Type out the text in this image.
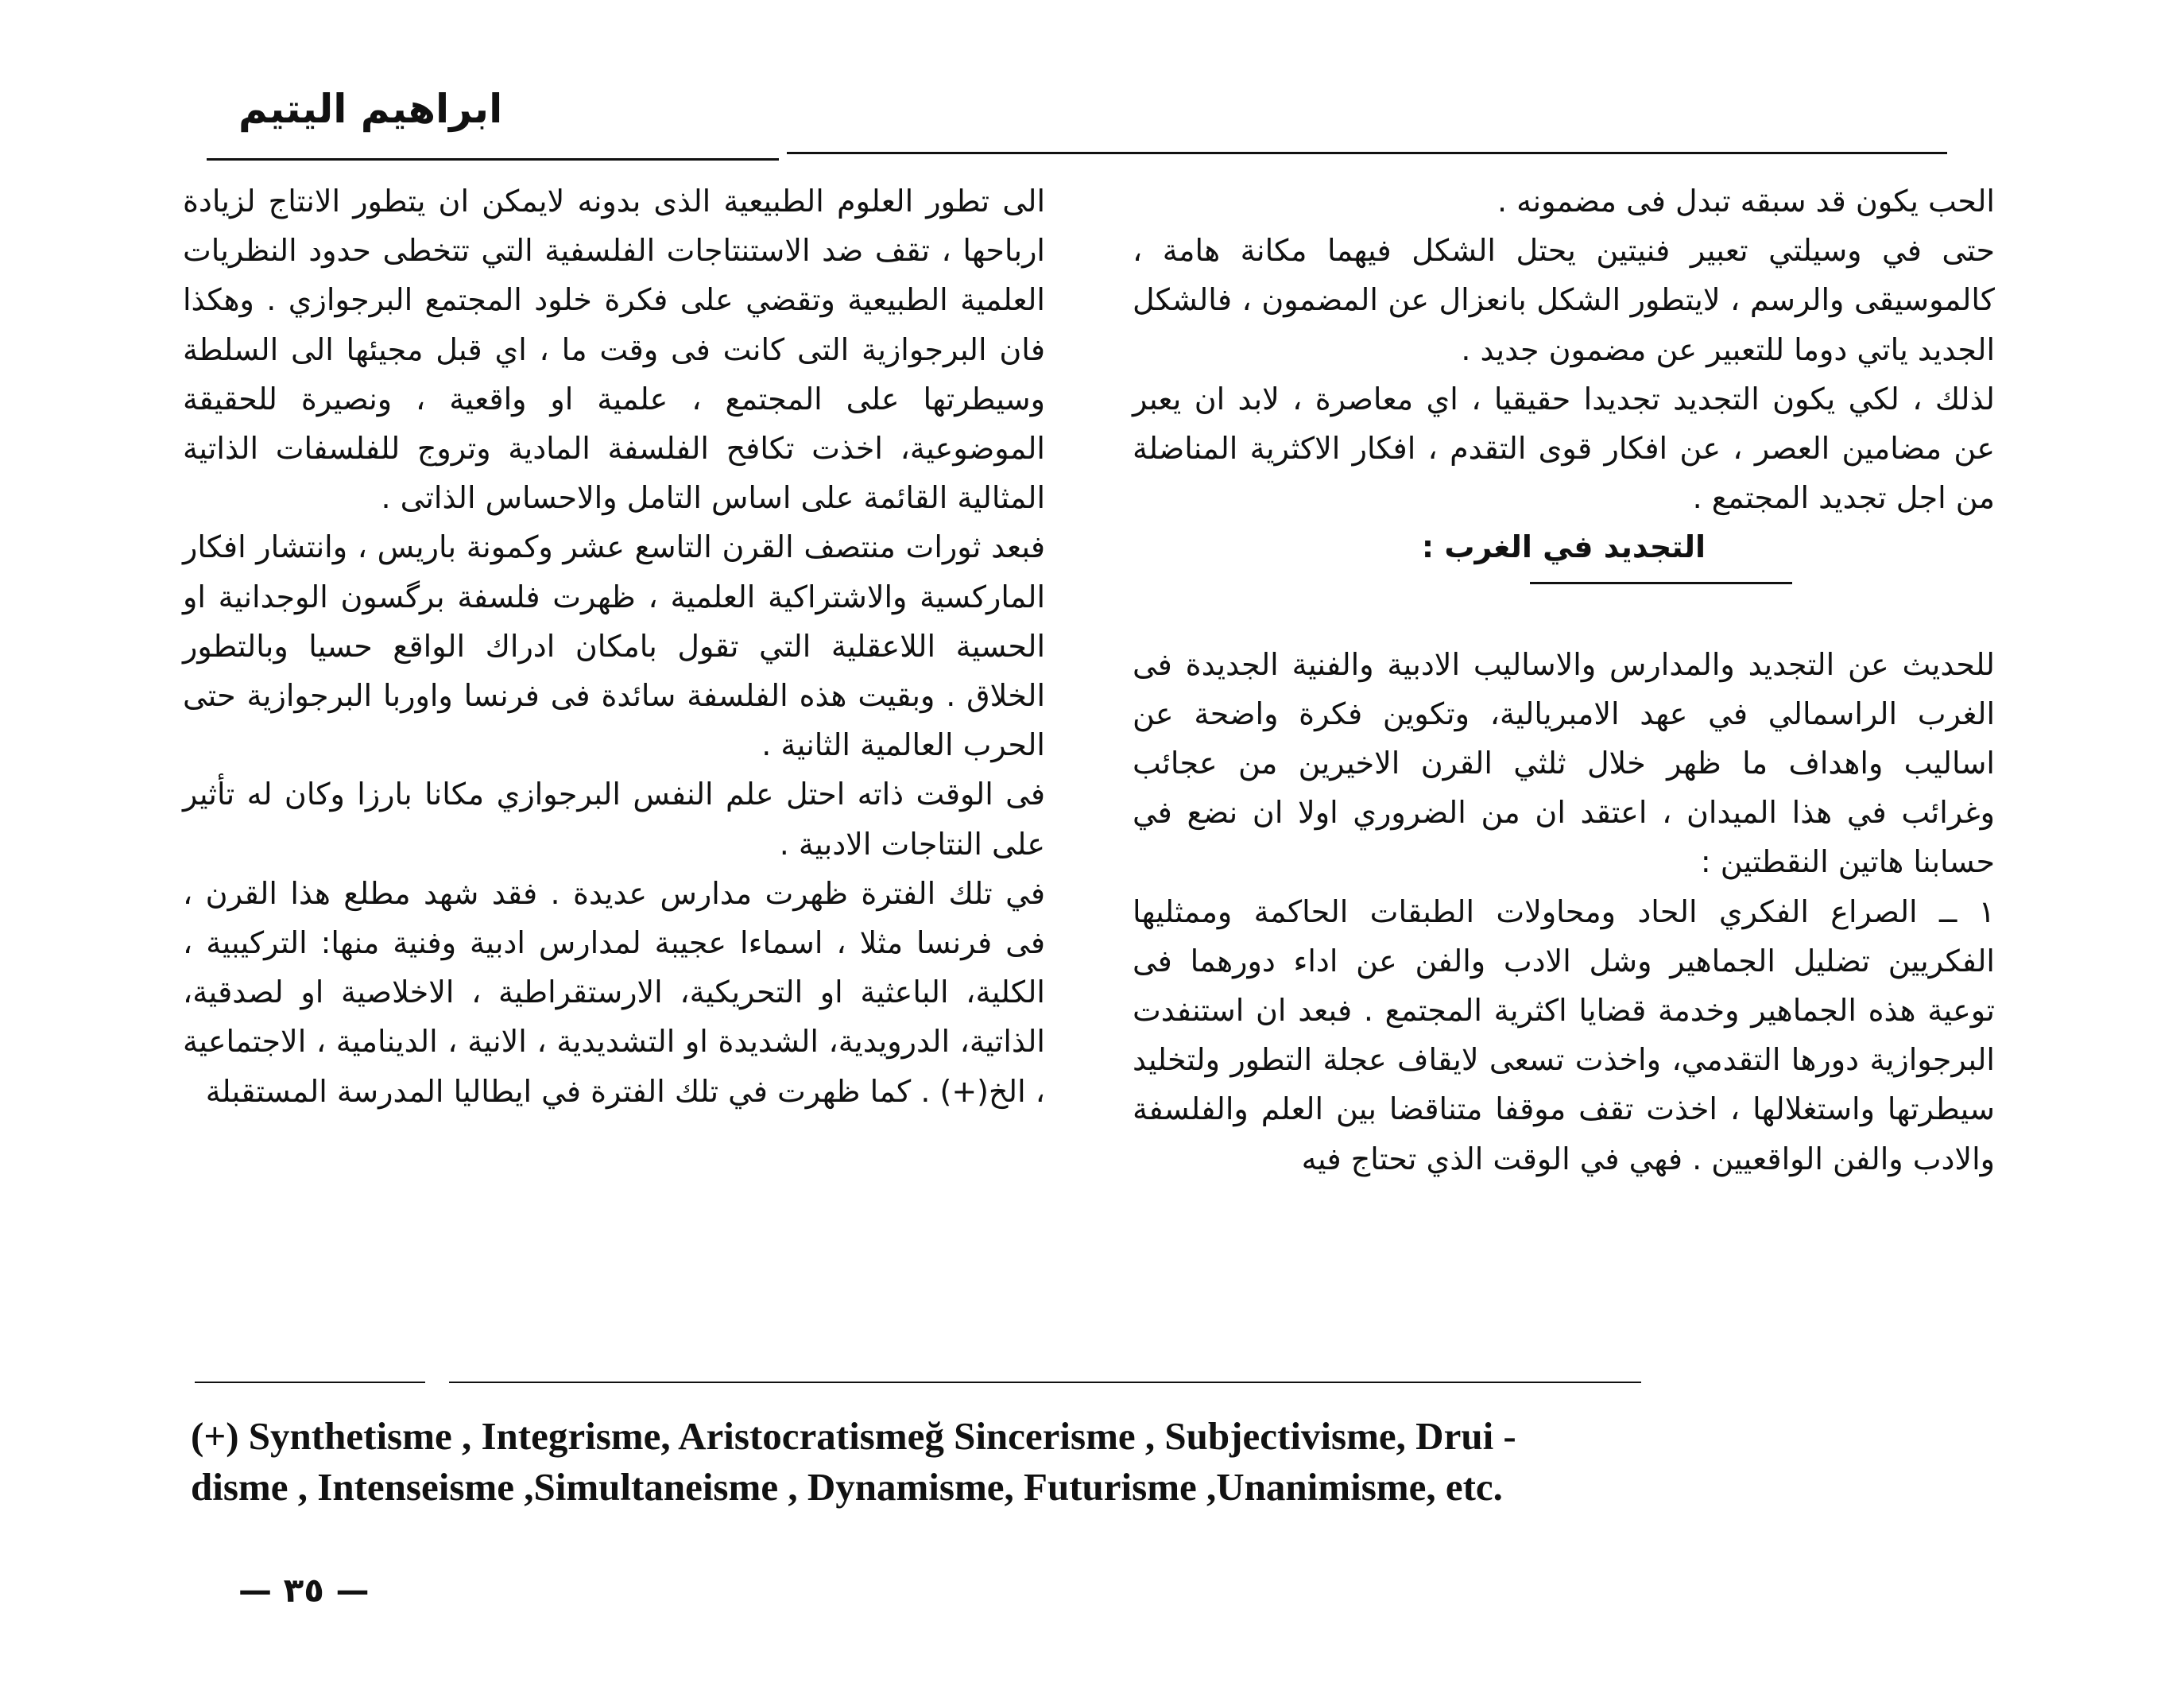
ابراهيم اليتيم

الحب يكون قد سبقه تبدل فى مضمونه .

حتى في وسيلتي تعبير فنيتين يحتل الشكل فيهما مكانة هامة ، كالموسيقى والرسم ، لايتطور الشكل بانعزال عن المضمون ، فالشكل الجديد ياتي دوما للتعبير عن مضمون جديد .

لذلك ، لكي يكون التجديد تجديدا حقيقيا ، اي معاصرة ، لابد ان يعبر عن مضامين العصر ، عن افكار قوى التقدم ، افكار الاكثرية المناضلة من اجل تجديد المجتمع .

التجديد في الغرب :

للحديث عن التجديد والمدارس والاساليب الادبية والفنية الجديدة فى الغرب الراسمالي في عهد الامبريالية، وتكوين فكرة واضحة عن اساليب واهداف ما ظهر خلال ثلثي القرن الاخيرين من عجائب وغرائب في هذا الميدان ، اعتقد ان من الضروري اولا ان نضع في حسابنا هاتين النقطتين :

١ ــ الصراع الفكري الحاد ومحاولات الطبقات الحاكمة وممثليها الفكريين تضليل الجماهير وشل الادب والفن عن اداء دورهما فى توعية هذه الجماهير وخدمة قضايا اكثرية المجتمع . فبعد ان استنفدت البرجوازية دورها التقدمي، واخذت تسعى لايقاف عجلة التطور ولتخليد سيطرتها واستغلالها ، اخذت تقف موقفا متناقضا بين العلم والفلسفة والادب والفن الواقعيين . فهي في الوقت الذي تحتاج فيه

الى تطور العلوم الطبيعية الذى بدونه لايمكن ان يتطور الانتاج لزيادة ارباحها ، تقف ضد الاستنتاجات الفلسفية التي تتخطى حدود النظريات العلمية الطبيعية وتقضي على فكرة خلود المجتمع البرجوازي . وهكذا فان البرجوازية التى كانت فى وقت ما ، اي قبل مجيئها الى السلطة وسيطرتها على المجتمع ، علمية او واقعية ، ونصيرة للحقيقة الموضوعية، اخذت تكافح الفلسفة المادية وتروج للفلسفات الذاتية المثالية القائمة على اساس التامل والاحساس الذاتى .

فبعد ثورات منتصف القرن التاسع عشر وكمونة باريس ، وانتشار افكار الماركسية والاشتراكية العلمية ، ظهرت فلسفة برگسون الوجدانية او الحسية اللاعقلية التي تقول بامكان ادراك الواقع حسيا وبالتطور الخلاق . وبقيت هذه الفلسفة سائدة فى فرنسا واوربا البرجوازية حتى الحرب العالمية الثانية .

فى الوقت ذاته احتل علم النفس البرجوازي مكانا بارزا وكان له تأثير على النتاجات الادبية .

في تلك الفترة ظهرت مدارس عديدة . فقد شهد مطلع هذا القرن ، فى فرنسا مثلا ، اسماءا عجيبة لمدارس ادبية وفنية منها: التركيبية ، الكلية، الباعثية او التحريكية، الارستقراطية ، الاخلاصية او لصدقية، الذاتية، الدرويدية، الشديدة او التشديدية ، الانية ، الدينامية ، الاجتماعية ، الخ(+) . كما ظهرت في تلك الفترة في ايطاليا المدرسة المستقبلة

(+) Synthetisme , Integrisme, Aristocratismeğ Sincerisme , Subjectivisme, Drui -

disme , Intenseisme ,Simultaneisme , Dynamisme, Futurisme ,Unanimisme, etc.

— ٣٥ —
